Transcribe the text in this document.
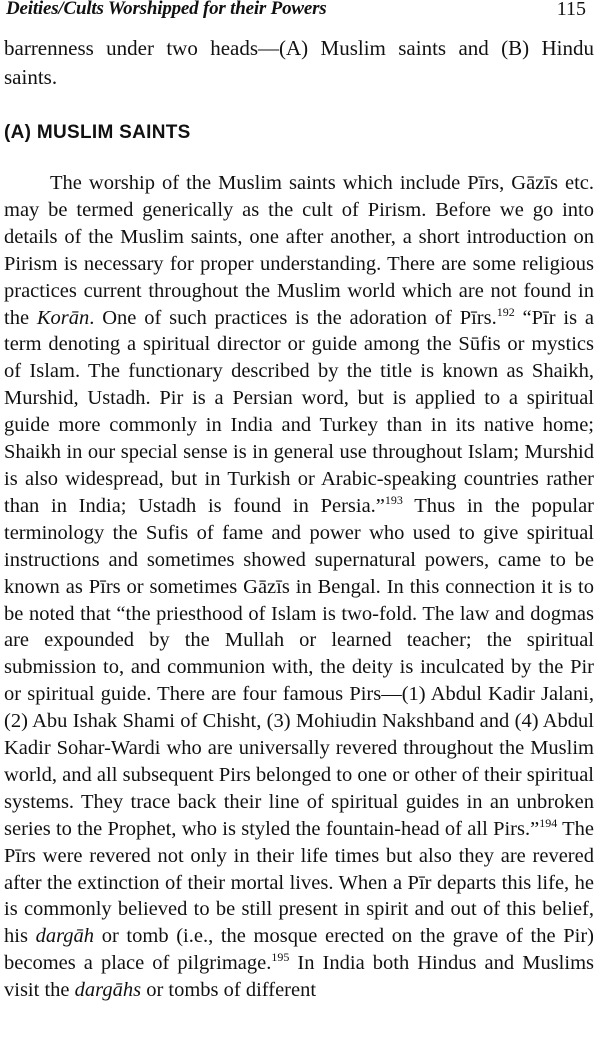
Deities/Cults Worshipped for their Powers	115

barrenness under two heads—(A) Muslim saints and (B) Hindu saints.

(A) MUSLIM SAINTS

The worship of the Muslim saints which include Pīrs, Gāzīs etc. may be termed generically as the cult of Pirism. Before we go into details of the Muslim saints, one after another, a short introduction on Pirism is necessary for proper understanding. There are some religious practices current throughout the Muslim world which are not found in the Korān. One of such practices is the adoration of Pīrs.$^{192}$ “Pīr is a term denoting a spiritual director or guide among the Sūfis or mystics of Islam. The functionary described by the title is known as Shaikh, Murshid, Ustadh. Pir is a Persian word, but is applied to a spiritual guide more commonly in India and Turkey than in its native home; Shaikh in our special sense is in general use throughout Islam; Murshid is also widespread, but in Turkish or Arabic-speaking countries rather than in India; Ustadh is found in Persia.”$^{193}$ Thus in the popular terminology the Sufis of fame and power who used to give spiritual instructions and sometimes showed supernatural powers, came to be known as Pīrs or sometimes Gāzīs in Bengal. In this connection it is to be noted that “the priesthood of Islam is two-fold. The law and dogmas are expounded by the Mullah or learned teacher; the spiritual submission to, and communion with, the deity is inculcated by the Pir or spiritual guide. There are four famous Pirs—(1) Abdul Kadir Jalani, (2) Abu Ishak Shami of Chisht, (3) Mohiudin Nakshband and (4) Abdul Kadir Sohar-Wardi who are universally revered throughout the Muslim world, and all subsequent Pirs belonged to one or other of their spiritual systems. They trace back their line of spiritual guides in an unbroken series to the Prophet, who is styled the fountain-head of all Pirs.”$^{194}$ The Pīrs were revered not only in their life times but also they are revered after the extinction of their mortal lives. When a Pīr departs this life, he is commonly believed to be still present in spirit and out of this belief, his dargāh or tomb (i.e., the mosque erected on the grave of the Pir) becomes a place of pilgrimage.$^{195}$ In India both Hindus and Muslims visit the dargāhs or tombs of different
